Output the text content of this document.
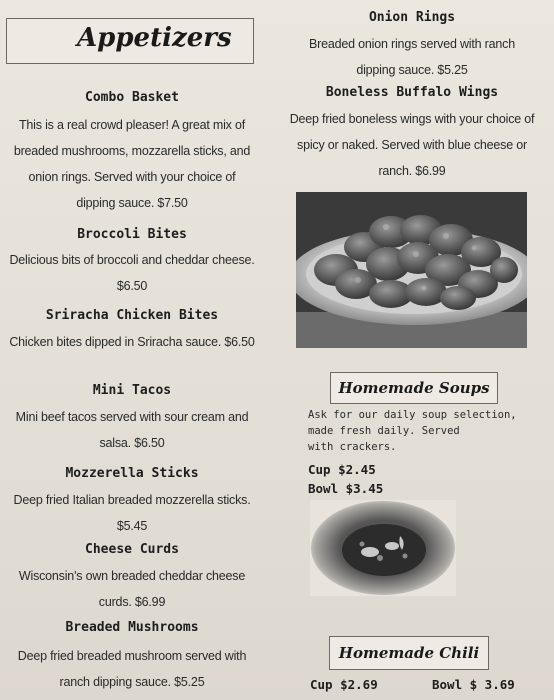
Appetizers
Combo Basket
This is a real crowd pleaser! A great mix of
breaded mushrooms, mozzarella sticks, and
onion rings. Served with your choice of
dipping sauce. $7.50
Broccoli Bites
Delicious bits of broccoli and cheddar cheese.
$6.50
Sriracha Chicken Bites
Chicken bites dipped in Sriracha sauce. $6.50
Mini Tacos
Mini beef tacos served with sour cream and
salsa. $6.50
Mozzerella Sticks
Deep fried Italian breaded mozzerella sticks.
$5.45
Cheese Curds
Wisconsin's own breaded cheddar cheese
curds. $6.99
Breaded Mushrooms
Deep fried breaded mushroom served with
ranch dipping sauce. $5.25
Onion Rings
Breaded onion rings served with ranch
dipping sauce. $5.25
Boneless Buffalo Wings
Deep fried boneless wings with your choice of
spicy or naked. Served with blue cheese or
ranch. $6.99
Homemade Soups
Ask for our daily soup selection,
made fresh daily. Served
with crackers.
Cup $2.45
Bowl $3.45
Homemade Chili
Cup $2.69	Bowl $ 3.69
